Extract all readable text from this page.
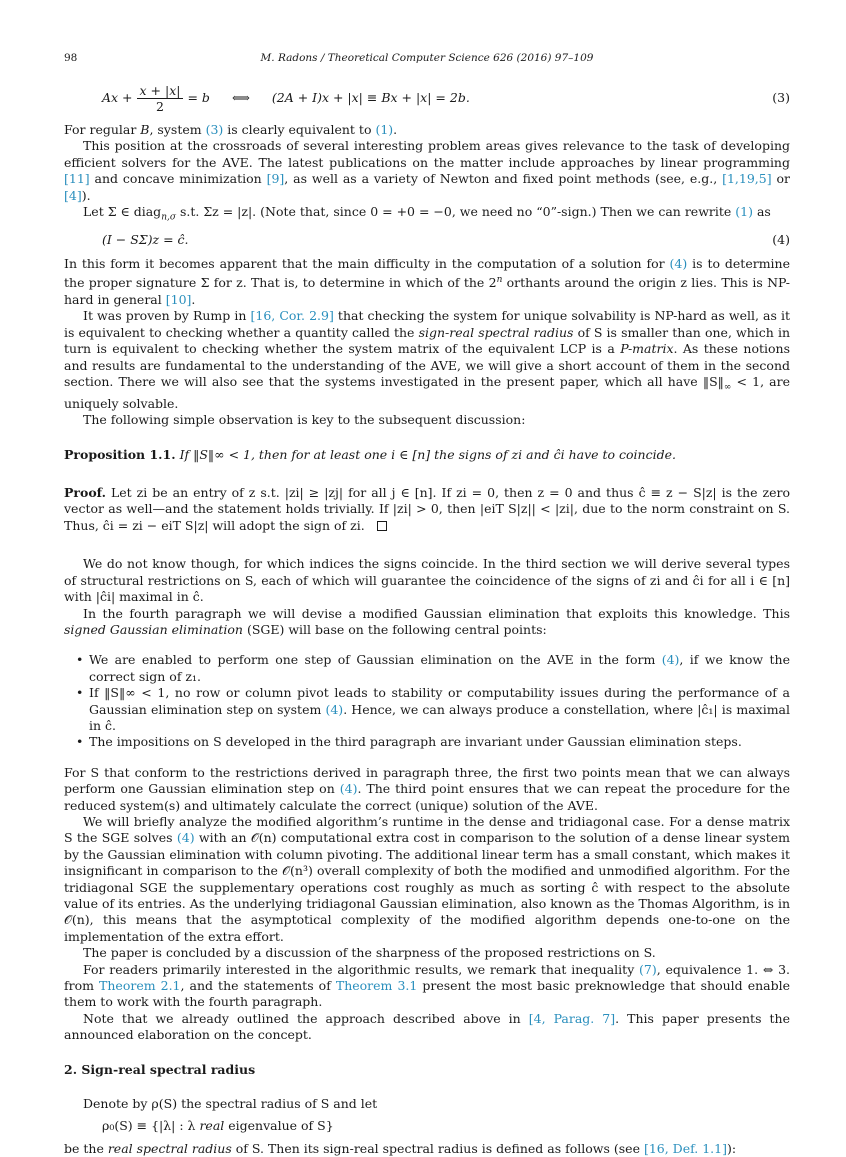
98	M. Radons / Theoretical Computer Science 626 (2016) 97–109
$Ax + \frac{x + |x|}{2} = b$ ⟺ (2A + I)x + |x| ≡ Bx + |x| = 2b.	(3)

For regular B, system (3) is clearly equivalent to (1).

This position at the crossroads of several interesting problem areas gives relevance to the task of developing efficient solvers for the AVE. The latest publications on the matter include approaches by linear programming [11] and concave minimization [9], as well as a variety of Newton and fixed point methods (see, e.g., [1,19,5] or [4]).

Let Σ ∈ diag$_{n,\sigma}$ s.t. Σz = |z|. (Note that, since 0 = +0 = −0, we need no “0”-sign.) Then we can rewrite (1) as

(I − SΣ)z = ĉ.	(4)

In this form it becomes apparent that the main difficulty in the computation of a solution for (4) is to determine the proper signature Σ for z. That is, to determine in which of the 2$^n$ orthants around the origin z lies. This is NP-hard in general [10].

It was proven by Rump in [16, Cor. 2.9] that checking the system for unique solvability is NP-hard as well, as it is equivalent to checking whether a quantity called the sign-real spectral radius of S is smaller than one, which in turn is equivalent to checking whether the system matrix of the equivalent LCP is a P-matrix. As these notions and results are fundamental to the understanding of the AVE, we will give a short account of them in the second section. There we will also see that the systems investigated in the present paper, which all have $‖S‖_\infty < 1$, are uniquely solvable.

The following simple observation is key to the subsequent discussion:

Proposition 1.1. If ‖S‖∞ < 1, then for at least one i ∈ [n] the signs of zi and ĉi have to coincide.

Proof. Let zi be an entry of z s.t. |zi| ≥ |zj| for all j ∈ [n]. If zi = 0, then z = 0 and thus ĉ ≡ z − S|z| is the zero vector as well—and the statement holds trivially. If |zi| > 0, then |eiT S|z|| < |zi|, due to the norm constraint on S. Thus, ĉi = zi − eiT S|z| will adopt the sign of zi.

We do not know though, for which indices the signs coincide. In the third section we will derive several types of structural restrictions on S, each of which will guarantee the coincidence of the signs of zi and ĉi for all i ∈ [n] with |ĉi| maximal in ĉ.

In the fourth paragraph we will devise a modified Gaussian elimination that exploits this knowledge. This signed Gaussian elimination (SGE) will base on the following central points:

• We are enabled to perform one step of Gaussian elimination on the AVE in the form (4), if we know the correct sign of z₁.
• If ‖S‖∞ < 1, no row or column pivot leads to stability or computability issues during the performance of a Gaussian elimination step on system (4). Hence, we can always produce a constellation, where |ĉ₁| is maximal in ĉ.
• The impositions on S developed in the third paragraph are invariant under Gaussian elimination steps.

For S that conform to the restrictions derived in paragraph three, the first two points mean that we can always perform one Gaussian elimination step on (4). The third point ensures that we can repeat the procedure for the reduced system(s) and ultimately calculate the correct (unique) solution of the AVE.

We will briefly analyze the modified algorithm’s runtime in the dense and tridiagonal case. For a dense matrix S the SGE solves (4) with an 𝒪(n) computational extra cost in comparison to the solution of a dense linear system by the Gaussian elimination with column pivoting. The additional linear term has a small constant, which makes it insignificant in comparison to the 𝒪(n³) overall complexity of both the modified and unmodified algorithm. For the tridiagonal SGE the supplementary operations cost roughly as much as sorting ĉ with respect to the absolute value of its entries. As the underlying tridiagonal Gaussian elimination, also known as the Thomas Algorithm, is in 𝒪(n), this means that the asymptotical complexity of the modified algorithm depends one-to-one on the implementation of the extra effort.

The paper is concluded by a discussion of the sharpness of the proposed restrictions on S.

For readers primarily interested in the algorithmic results, we remark that inequality (7), equivalence 1. ⇔ 3. from Theorem 2.1, and the statements of Theorem 3.1 present the most basic preknowledge that should enable them to work with the fourth paragraph.

Note that we already outlined the approach described above in [4, Parag. 7]. This paper presents the announced elaboration on the concept.

2. Sign-real spectral radius

Denote by ρ(S) the spectral radius of S and let

ρ₀(S) ≡ {|λ| : λ real eigenvalue of S}

be the real spectral radius of S. Then its sign-real spectral radius is defined as follows (see [16, Def. 1.1]):
